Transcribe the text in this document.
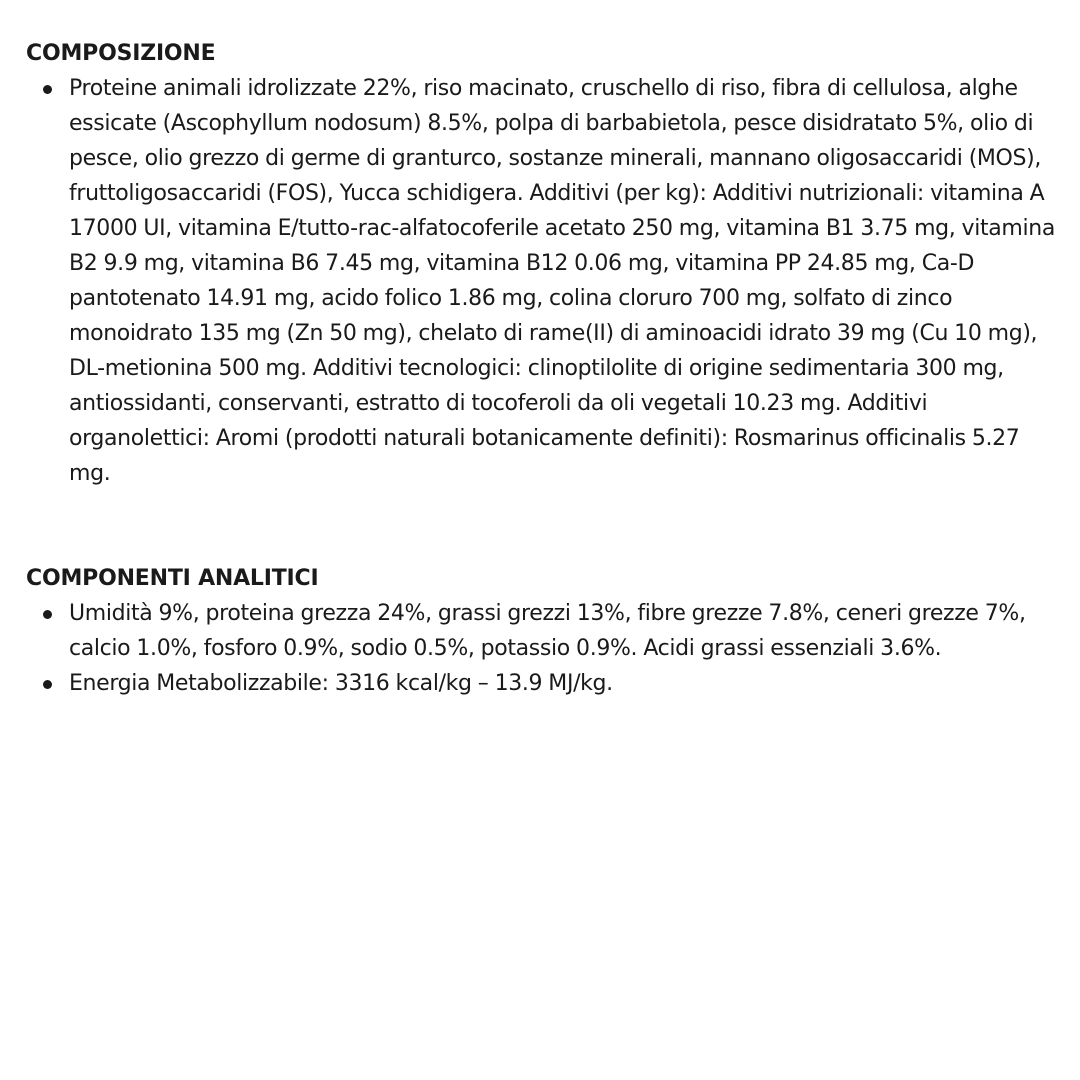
COMPOSIZIONE
Proteine animali idrolizzate 22%, riso macinato, cruschello di riso, fibra di cellulosa, alghe essicate (Ascophyllum nodosum) 8.5%, polpa di barbabietola, pesce disidratato 5%, olio di pesce, olio grezzo di germe di granturco, sostanze minerali, mannano oligosaccaridi (MOS), fruttoligosaccaridi (FOS), Yucca schidigera. Additivi (per kg): Additivi nutrizionali: vitamina A 17000 UI, vitamina E/tutto-rac-alfatocoferile acetato 250 mg, vitamina B1 3.75 mg, vitamina B2 9.9 mg, vitamina B6 7.45 mg, vitamina B12 0.06 mg, vitamina PP 24.85 mg, Ca-D pantotenato 14.91 mg, acido folico 1.86 mg, colina cloruro 700 mg, solfato di zinco monoidrato 135 mg (Zn 50 mg), chelato di rame(II) di aminoacidi idrato 39 mg (Cu 10 mg), DL-metionina 500 mg. Additivi tecnologici: clinoptilolite di origine sedimentaria 300 mg, antiossidanti, conservanti, estratto di tocoferoli da oli vegetali 10.23 mg. Additivi organolettici: Aromi (prodotti naturali botanicamente definiti): Rosmarinus officinalis 5.27 mg.
COMPONENTI ANALITICI
Umidità 9%, proteina grezza 24%, grassi grezzi 13%, fibre grezze 7.8%, ceneri grezze 7%, calcio 1.0%, fosforo 0.9%, sodio 0.5%, potassio 0.9%. Acidi grassi essenziali 3.6%.
Energia Metabolizzabile: 3316 kcal/kg – 13.9 MJ/kg.
